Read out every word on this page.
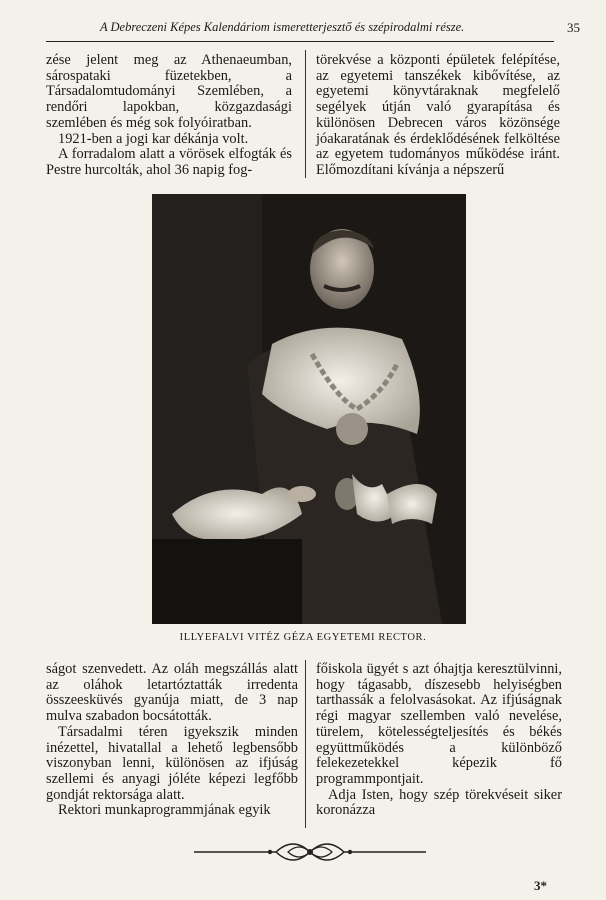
A Debreczeni Képes Kalendáriom ismeretterjesztő és szépirodalmi része.	35

zése jelent meg az Athenaeumban, sárospataki füzetekben, a Társadalomtudományi Szemlében, a rendőri lapokban, közgazdasági szemlében és még sok folyóiratban.

1921-ben a jogi kar dékánja volt.

A forradalom alatt a vörösek elfogták és Pestre hurcolták, ahol 36 napig fog-

törekvése a központi épületek felépítése, az egyetemi tanszékek kibővítése, az egyetemi könyvtáraknak megfelelő segélyek útján való gyarapítása és különösen Debrecen város közönsége jóakaratának és érdeklődésének felköltése az egyetem tudományos működése iránt. Előmozdítani kívánja a népszerű

ILLYEFALVI VITÉZ GÉZA EGYETEMI RECTOR.

ságot szenvedett. Az oláh megszállás alatt az oláhok letartóztatták irredenta összeesküvés gyanúja miatt, de 3 nap mulva szabadon bocsátották.

Társadalmi téren igyekszik minden inézettel, hivatallal a lehető legbensőbb viszonyban lenni, különösen az ifjúság szellemi és anyagi jóléte képezi legfőbb gondját rektorsága alatt.

Rektori munkaprogrammjának egyik

főiskola ügyét s azt óhajtja keresztülvinni, hogy tágasabb, díszesebb helyiségben tarthassák a felolvasásokat. Az ifjúságnak régi magyar szellemben való nevelése, türelem, kötelességteljesítés és békés együttműködés a különböző felekezetekkel képezik fő programmpontjait.

Adja Isten, hogy szép törekvéseit siker koronázza

3*
